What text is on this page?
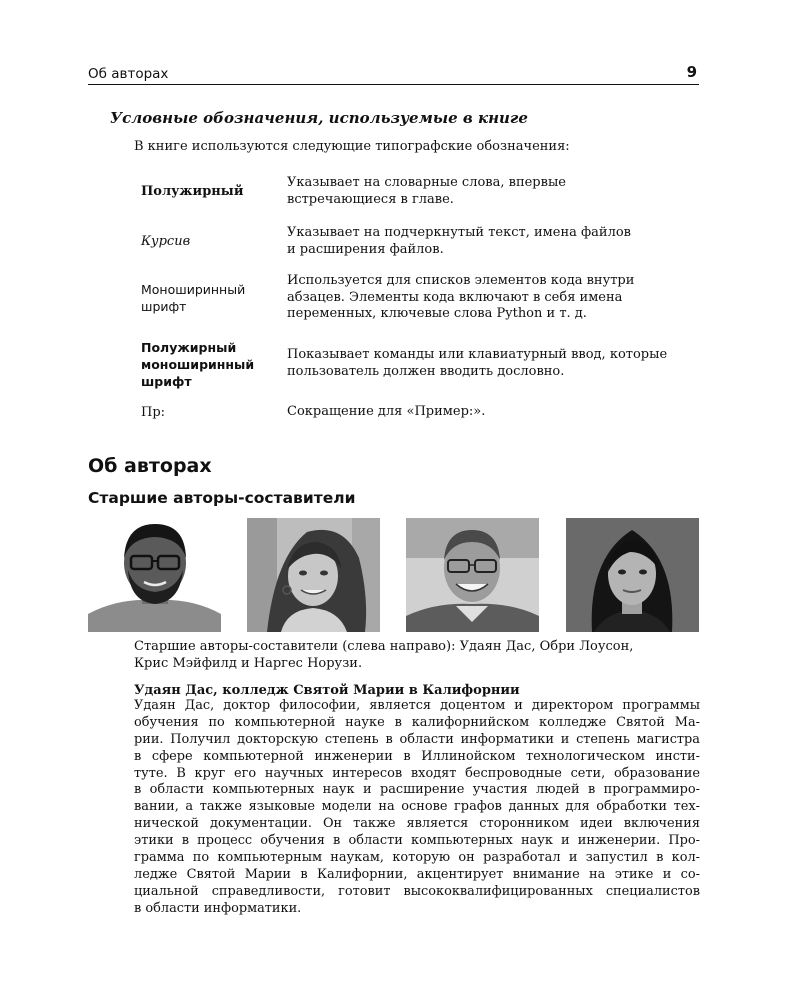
Об авторах	9
Условные обозначения, используемые в книге
В книге используются следующие типографские обозначения:
Полужирный
Указывает на словарные слова, впервые
встречающиеся в главе.
Курсив
Указывает на подчеркнутый текст, имена файлов
и расширения файлов.
Моноширинный
шрифт
Используется для списков элементов кода внутри
абзацев. Элементы кода включают в себя имена
переменных, ключевые слова Python и т. д.
Полужирный
моноширинный
шрифт
Показывает команды или клавиатурный ввод, которые
пользователь должен вводить дословно.
Пр:	Сокращение для «Пример:».
Об авторах
Старшие авторы-составители
Старшие авторы-составители (слева направо): Удаян Дас, Обри Лоусон,
Крис Мэйфилд и Наргес Норузи.
Удаян Дас, колледж Святой Марии в Калифорнии
Удаян Дас, доктор философии, является доцентом и директором программы
обучения по компьютерной науке в калифорнийском колледже Святой Ма-
рии. Получил докторскую степень в области информатики и степень магистра
в сфере компьютерной инженерии в Иллинойском технологическом инсти-
туте. В круг его научных интересов входят беспроводные сети, образование
в области компьютерных наук и расширение участия людей в программиро-
вании, а также языковые модели на основе графов данных для обработки тех-
нической документации. Он также является сторонником идеи включения
этики в процесс обучения в области компьютерных наук и инженерии. Про-
грамма по компьютерным наукам, которую он разработал и запустил в кол-
ледже Святой Марии в Калифорнии, акцентирует внимание на этике и со-
циальной справедливости, готовит высококвалифицированных специалистов
в области информатики.
